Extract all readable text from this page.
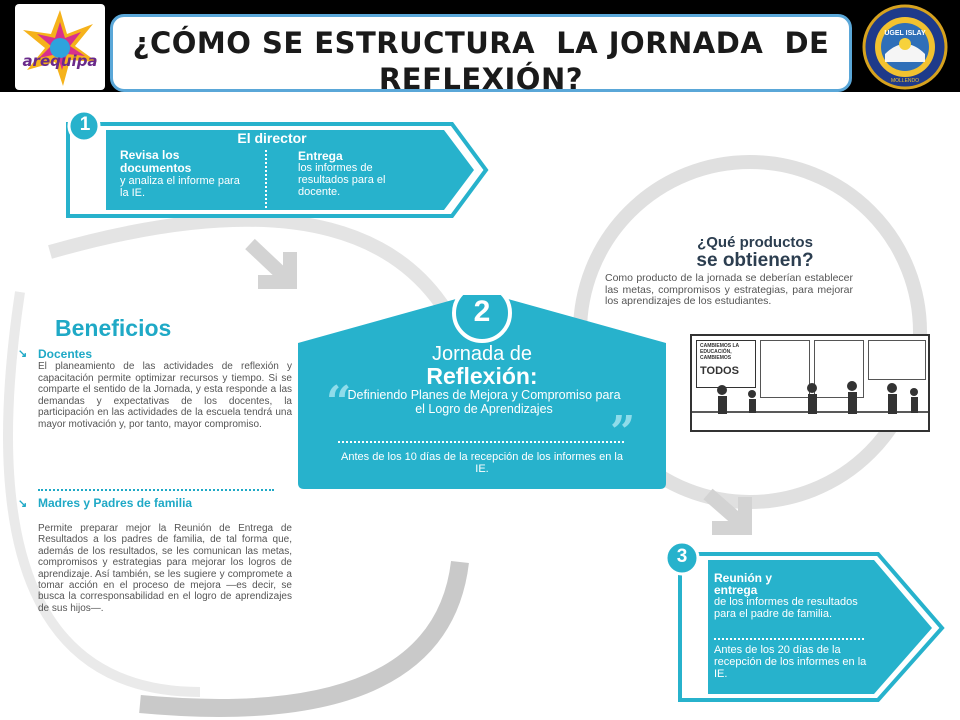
arequipa
¿CÓMO SE ESTRUCTURA  LA JORNADA  DE
REFLEXIÓN?
UGEL ISLAY
MOLLENDO
1
El director
Revisa los documentos
y analiza el informe para la IE.
Entrega
los informes de resultados para el docente.
¿Qué productos
se obtienen?
Como producto de la jornada se deberían establecer las metas, compromisos y estrategias, para mejorar los aprendizajes de los estudiantes.
CAMBIEMOS LA EDUCACIÓN, CAMBIEMOS
TODOS
Beneficios
↘ Docentes
El planeamiento de las actividades de reflexión y capacitación permite optimizar recursos y tiempo. Si se comparte el sentido de la Jornada, y esta responde a las demandas y expectativas de los docentes, la participación en las actividades de la escuela tendrá una mayor motivación y, por tanto, mayor compromiso.
↘ Madres y Padres de familia
Permite preparar mejor la Reunión de Entrega de Resultados a los padres de familia, de tal forma que, además de los resultados, se les comunican las metas, compromisos y estrategias para mejorar los logros de aprendizaje. Así también, se les sugiere y compromete a tomar acción en el proceso de mejora —es decir, se busca la corresponsabilidad en el logro de aprendizajes de sus hijos—.
2
Jornada de
Reflexión:
“
”
Definiendo Planes de Mejora y Compromiso para el Logro de Aprendizajes
Antes de los 10 días de la recepción de los informes en la IE.
3
Reunión y entrega
de los informes de resultados para el padre de familia.
Antes de los 20 días de la recepción de los informes en la IE.
